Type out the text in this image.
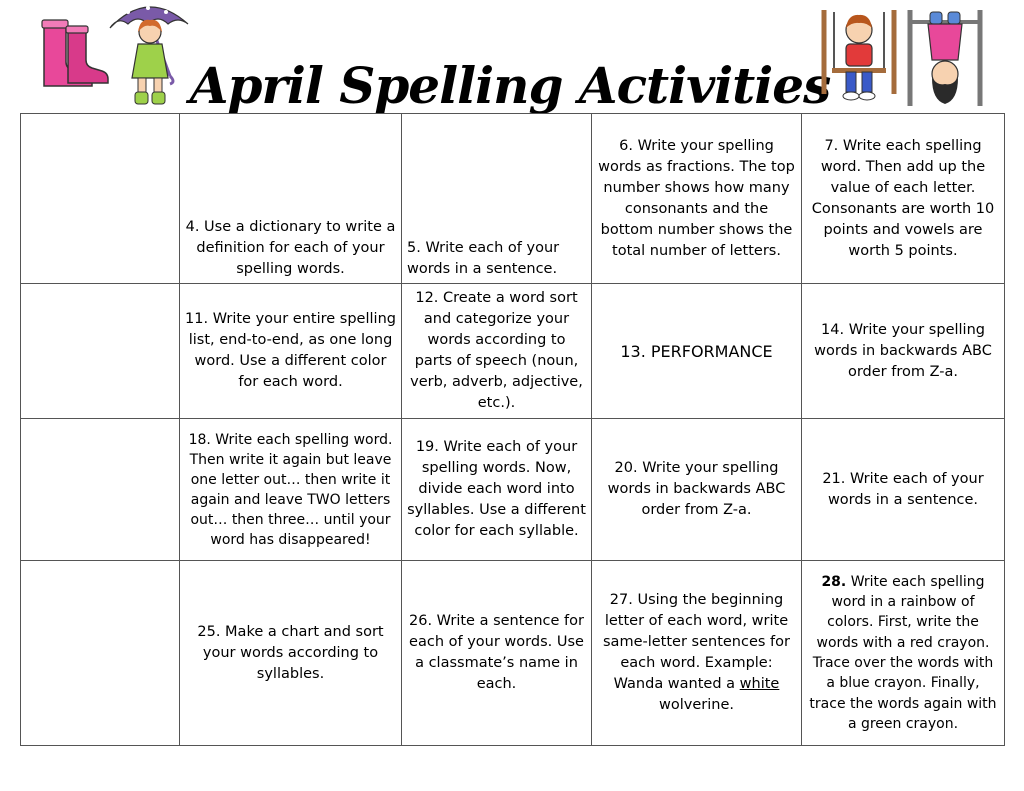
April Spelling Activities
	4. Use a dictionary to write a definition for each of your spelling words.	5. Write each of your words in a sentence.	6. Write your spelling words as fractions. The top number shows how many consonants and the bottom number shows the total number of letters.	7. Write each spelling word. Then add up the value of each letter. Consonants are worth 10 points and vowels are worth 5 points.
	11. Write your entire spelling list, end-to-end, as one long word. Use a different color for each word.	12. Create a word sort and categorize your words according to parts of speech (noun, verb, adverb, adjective, etc.).	13. PERFORMANCE	14. Write your spelling words in backwards ABC order from Z-a.
	18. Write each spelling word. Then write it again but leave one letter out… then write it again and leave TWO letters out… then three… until your word has disappeared!	19. Write each of your spelling words. Now, divide each word into syllables. Use a different color for each syllable.	20. Write your spelling words in backwards ABC order from Z-a.	21. Write each of your words in a sentence.
	25. Make a chart and sort your words according to syllables.	26. Write a sentence for each of your words. Use a classmate’s name in each.	27. Using the beginning letter of each word, write same-letter sentences for each word. Example: Wanda wanted a white wolverine.	28. Write each spelling word in a rainbow of colors. First, write the words with a red crayon. Trace over the words with a blue crayon. Finally, trace the words again with a green crayon.
